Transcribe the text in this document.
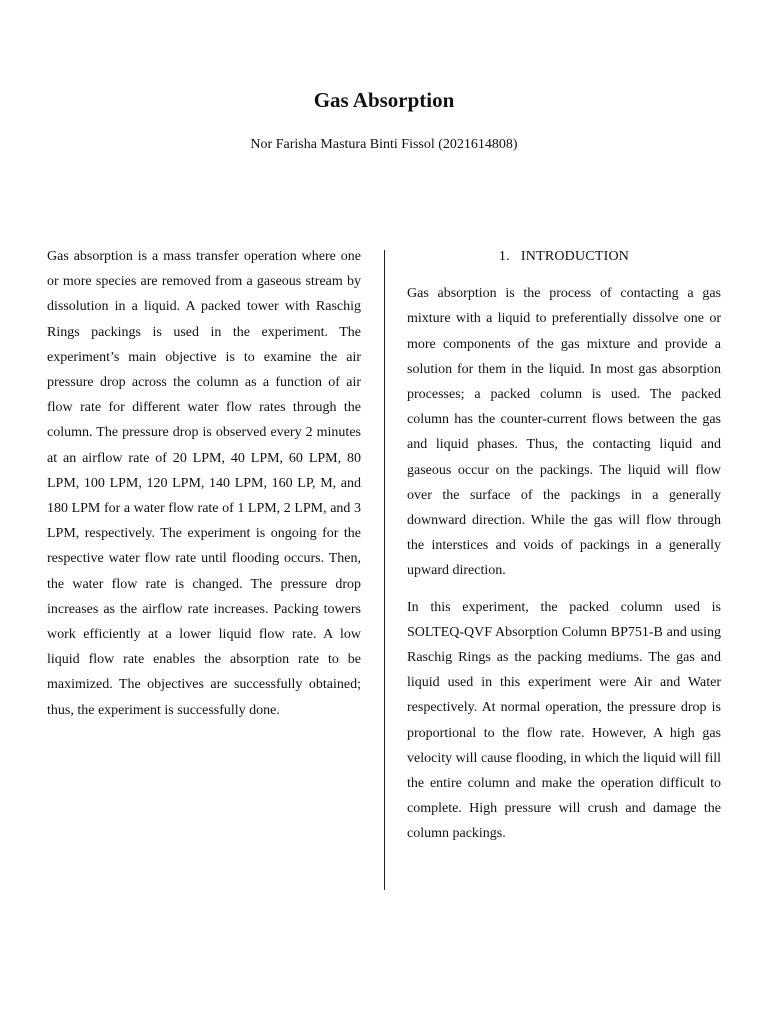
Gas Absorption

Nor Farisha Mastura Binti Fissol (2021614808)

Gas absorption is a mass transfer operation where one or more species are removed from a gaseous stream by dissolution in a liquid. A packed tower with Raschig Rings packings is used in the experiment. The experiment’s main objective is to examine the air pressure drop across the column as a function of air flow rate for different water flow rates through the column. The pressure drop is observed every 2 minutes at an airflow rate of 20 LPM, 40 LPM, 60 LPM, 80 LPM, 100 LPM, 120 LPM, 140 LPM, 160 LP, M, and 180 LPM for a water flow rate of 1 LPM, 2 LPM, and 3 LPM, respectively. The experiment is ongoing for the respective water flow rate until flooding occurs. Then, the water flow rate is changed. The pressure drop increases as the airflow rate increases. Packing towers work efficiently at a lower liquid flow rate. A low liquid flow rate enables the absorption rate to be maximized. The objectives are successfully obtained; thus, the experiment is successfully done.

1.   INTRODUCTION

Gas absorption is the process of contacting a gas mixture with a liquid to preferentially dissolve one or more components of the gas mixture and provide a solution for them in the liquid. In most gas absorption processes; a packed column is used. The packed column has the counter-current flows between the gas and liquid phases. Thus, the contacting liquid and gaseous occur on the packings. The liquid will flow over the surface of the packings in a generally downward direction. While the gas will flow through the interstices and voids of packings in a generally upward direction.

In this experiment, the packed column used is SOLTEQ-QVF Absorption Column BP751-B and using Raschig Rings as the packing mediums. The gas and liquid used in this experiment were Air and Water respectively. At normal operation, the pressure drop is proportional to the flow rate. However, A high gas velocity will cause flooding, in which the liquid will fill the entire column and make the operation difficult to complete. High pressure will crush and damage the column packings.
